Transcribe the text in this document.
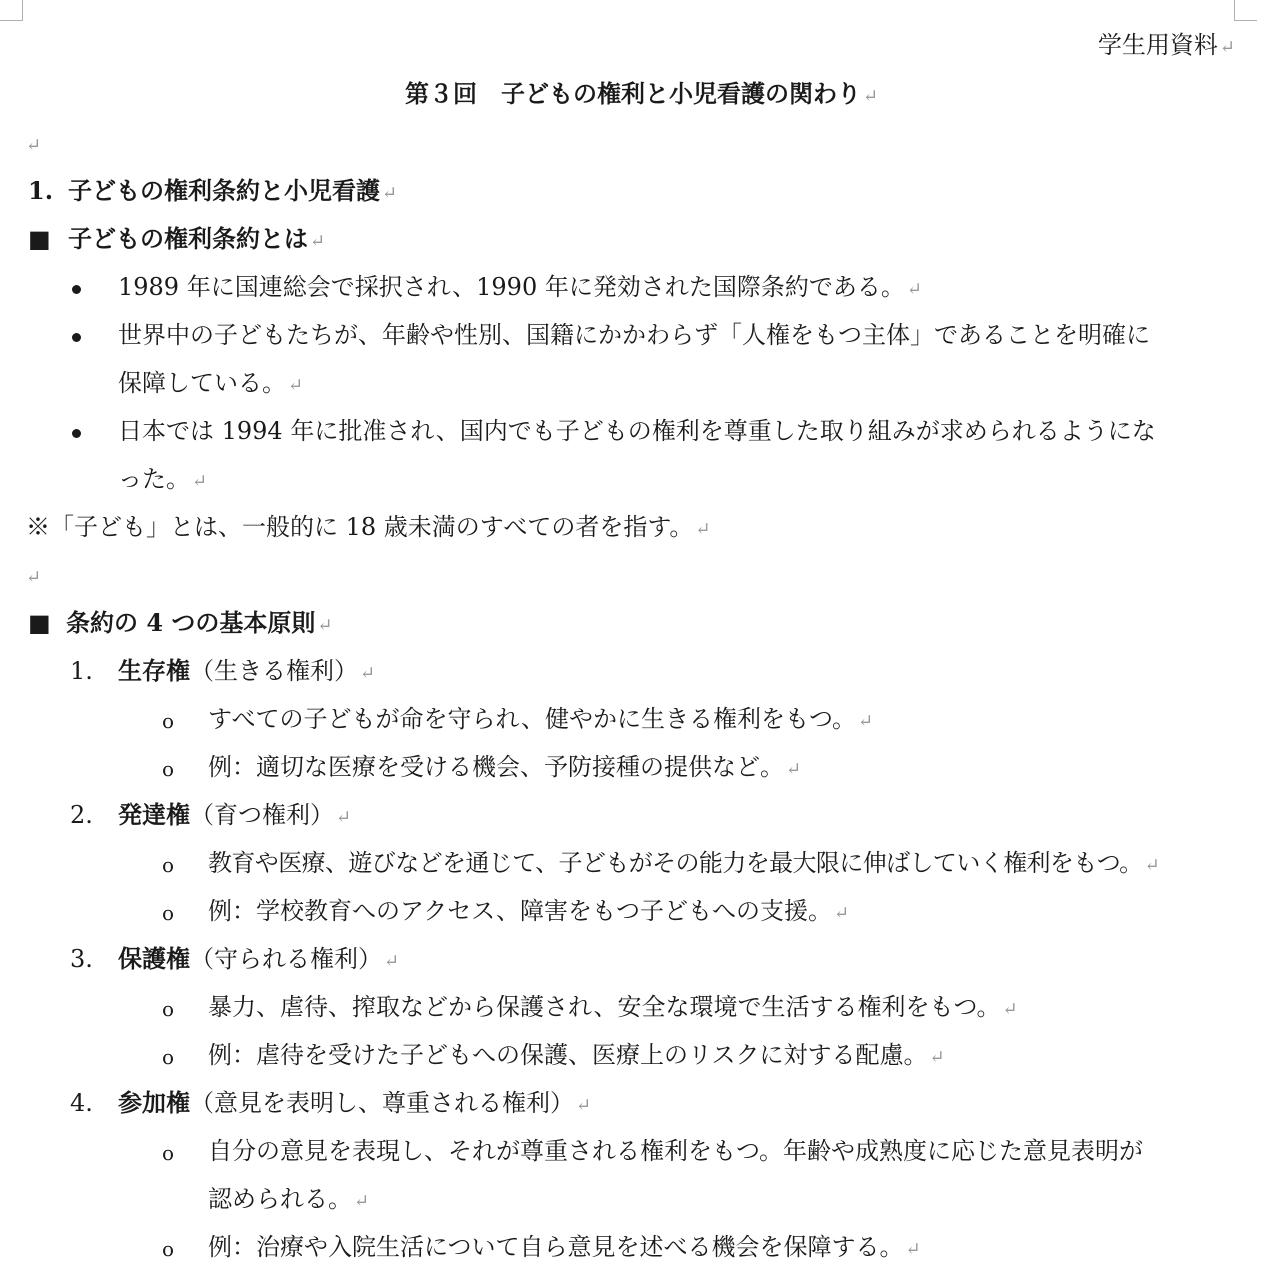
学生用資料 ↵
第３回　子どもの権利と小児看護の関わり ↵
↵
1. 子どもの権利条約と小児看護 ↵
■ 子どもの権利条約とは ↵
1989 年に国連総会で採択され、1990 年に発効された国際条約である。 ↵
世界中の子どもたちが、年齢や性別、国籍にかかわらず「人権をもつ主体」であることを明確に
保障している。 ↵
日本では 1994 年に批准され、国内でも子どもの権利を尊重した取り組みが求められるようにな
った。 ↵
※「子ども」とは、一般的に 18 歳未満のすべての者を指す。 ↵
↵
■ 条約の 4 つの基本原則 ↵
1. 生存権（生きる権利） ↵
o すべての子どもが命を守られ、健やかに生きる権利をもつ。 ↵
o 例：適切な医療を受ける機会、予防接種の提供など。 ↵
2. 発達権（育つ権利） ↵
o 教育や医療、遊びなどを通じて、子どもがその能力を最大限に伸ばしていく権利をもつ。 ↵
o 例：学校教育へのアクセス、障害をもつ子どもへの支援。 ↵
3. 保護権（守られる権利） ↵
o 暴力、虐待、搾取などから保護され、安全な環境で生活する権利をもつ。 ↵
o 例：虐待を受けた子どもへの保護、医療上のリスクに対する配慮。 ↵
4. 参加権（意見を表明し、尊重される権利） ↵
o 自分の意見を表現し、それが尊重される権利をもつ。年齢や成熟度に応じた意見表明が
認められる。 ↵
o 例：治療や入院生活について自ら意見を述べる機会を保障する。 ↵
